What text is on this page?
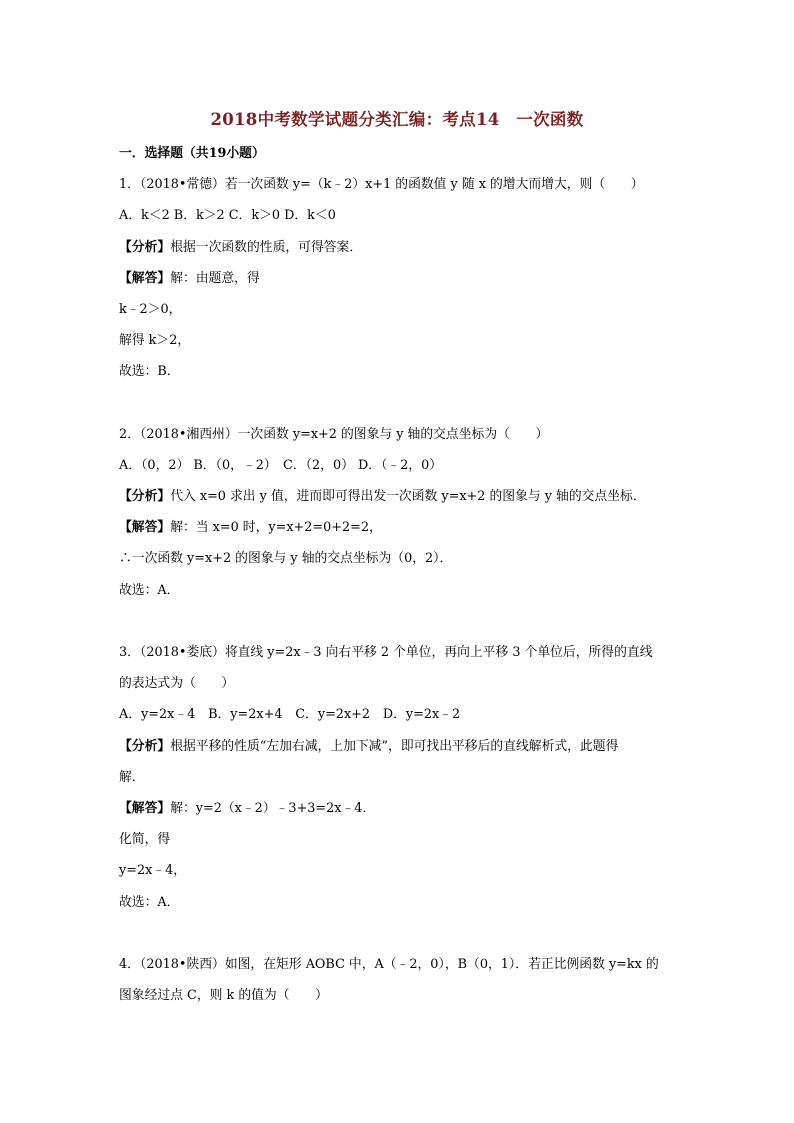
2018中考数学试题分类汇编：考点14　一次函数
一．选择题（共19小题）
1．（2018•常德）若一次函数 y=（k﹣2）x+1 的函数值 y 随 x 的增大而增大，则（　　）
A．k＜2 B．k＞2 C．k＞0 D．k＜0
【分析】根据一次函数的性质，可得答案．
【解答】解：由题意，得
k﹣2＞0，
解得 k＞2，
故选：B．
2．（2018•湘西州）一次函数 y=x+2 的图象与 y 轴的交点坐标为（　　）
A．（0，2） B．（0，﹣2）　C．（2，0） D．（﹣2，0）
【分析】代入 x=0 求出 y 值，进而即可得出发一次函数 y=x+2 的图象与 y 轴的交点坐标．
【解答】解：当 x=0 时，y=x+2=0+2=2，
∴一次函数 y=x+2 的图象与 y 轴的交点坐标为（0，2）．
故选：A．
3．（2018•娄底）将直线 y=2x﹣3 向右平移 2 个单位，再向上平移 3 个单位后，所得的直线
的表达式为（　　）
A．y=2x﹣4　B．y=2x+4　C．y=2x+2　D．y=2x﹣2
【分析】根据平移的性质“左加右减，上加下减”，即可找出平移后的直线解析式，此题得
解．
【解答】解：y=2（x﹣2）﹣3+3=2x﹣4．
化简，得
y=2x﹣4，
故选：A．
4．（2018•陕西）如图，在矩形 AOBC 中，A（﹣2，0），B（0，1）．若正比例函数 y=kx 的
图象经过点 C，则 k 的值为（　　）
